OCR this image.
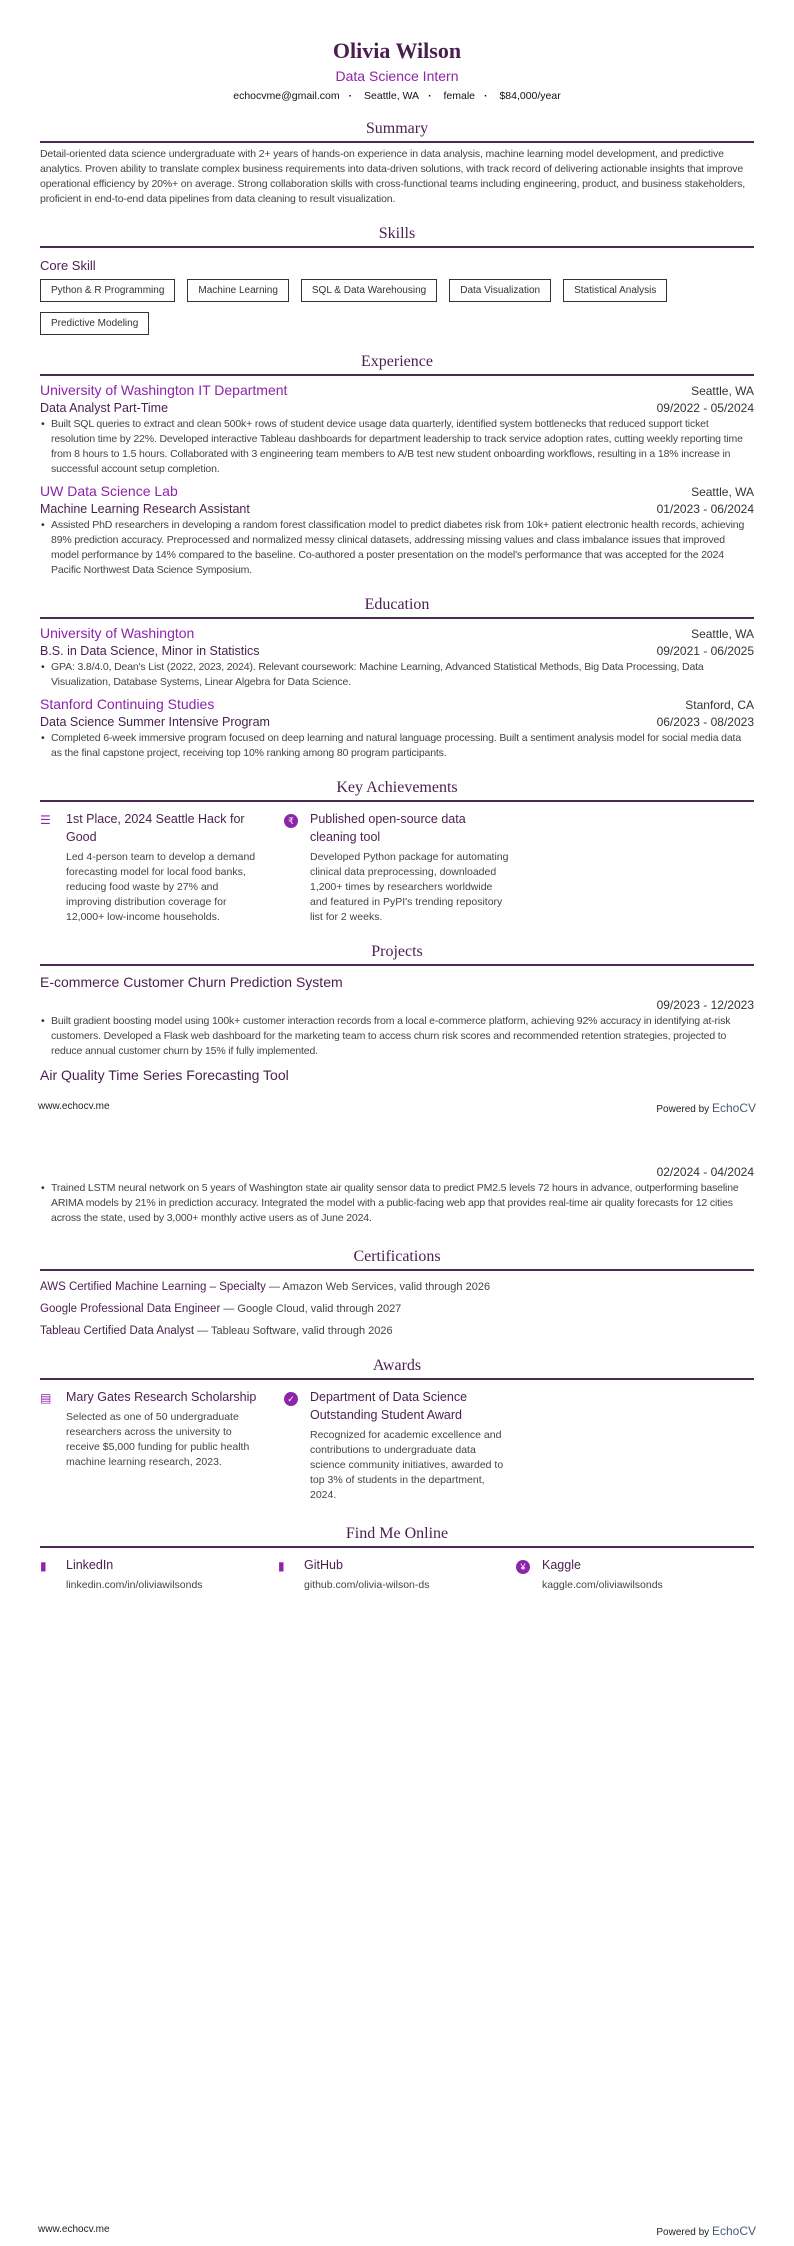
Olivia Wilson
Data Science Intern
echocvme@gmail.com · Seattle, WA · female · $84,000/year
Summary
Detail-oriented data science undergraduate with 2+ years of hands-on experience in data analysis, machine learning model development, and predictive analytics. Proven ability to translate complex business requirements into data-driven solutions, with track record of delivering actionable insights that improve operational efficiency by 20%+ on average. Strong collaboration skills with cross-functional teams including engineering, product, and business stakeholders, proficient in end-to-end data pipelines from data cleaning to result visualization.
Skills
Core Skill
Python & R Programming	Machine Learning	SQL & Data Warehousing	Data Visualization	Statistical Analysis
Predictive Modeling
Experience
University of Washington IT Department	Seattle, WA
Data Analyst Part-Time	09/2022 - 05/2024
• Built SQL queries to extract and clean 500k+ rows of student device usage data quarterly, identified system bottlenecks that reduced support ticket resolution time by 22%. Developed interactive Tableau dashboards for department leadership to track service adoption rates, cutting weekly reporting time from 8 hours to 1.5 hours. Collaborated with 3 engineering team members to A/B test new student onboarding workflows, resulting in a 18% increase in successful account setup completion.
UW Data Science Lab	Seattle, WA
Machine Learning Research Assistant	01/2023 - 06/2024
• Assisted PhD researchers in developing a random forest classification model to predict diabetes risk from 10k+ patient electronic health records, achieving 89% prediction accuracy. Preprocessed and normalized messy clinical datasets, addressing missing values and class imbalance issues that improved model performance by 14% compared to the baseline. Co-authored a poster presentation on the model's performance that was accepted for the 2024 Pacific Northwest Data Science Symposium.
Education
University of Washington	Seattle, WA
B.S. in Data Science, Minor in Statistics	09/2021 - 06/2025
• GPA: 3.8/4.0, Dean's List (2022, 2023, 2024). Relevant coursework: Machine Learning, Advanced Statistical Methods, Big Data Processing, Data Visualization, Database Systems, Linear Algebra for Data Science.
Stanford Continuing Studies	Stanford, CA
Data Science Summer Intensive Program	06/2023 - 08/2023
• Completed 6-week immersive program focused on deep learning and natural language processing. Built a sentiment analysis model for social media data as the final capstone project, receiving top 10% ranking among 80 program participants.
Key Achievements
☰	1st Place, 2024 Seattle Hack for Good
Led 4-person team to develop a demand forecasting model for local food banks, reducing food waste by 27% and improving distribution coverage for 12,000+ low-income households.
₹	Published open-source data cleaning tool
Developed Python package for automating clinical data preprocessing, downloaded 1,200+ times by researchers worldwide and featured in PyPI's trending repository list for 2 weeks.
Projects
E-commerce Customer Churn Prediction System
09/2023 - 12/2023
• Built gradient boosting model using 100k+ customer interaction records from a local e-commerce platform, achieving 92% accuracy in identifying at-risk customers. Developed a Flask web dashboard for the marketing team to access churn risk scores and recommended retention strategies, projected to reduce annual customer churn by 15% if fully implemented.
Air Quality Time Series Forecasting Tool
www.echocv.me	Powered by EchoCV
02/2024 - 04/2024
• Trained LSTM neural network on 5 years of Washington state air quality sensor data to predict PM2.5 levels 72 hours in advance, outperforming baseline ARIMA models by 21% in prediction accuracy. Integrated the model with a public-facing web app that provides real-time air quality forecasts for 12 cities across the state, used by 3,000+ monthly active users as of June 2024.
Certifications
AWS Certified Machine Learning – Specialty — Amazon Web Services, valid through 2026
Google Professional Data Engineer — Google Cloud, valid through 2027
Tableau Certified Data Analyst — Tableau Software, valid through 2026
Awards
▤	Mary Gates Research Scholarship
Selected as one of 50 undergraduate researchers across the university to receive $5,000 funding for public health machine learning research, 2023.
✓	Department of Data Science Outstanding Student Award
Recognized for academic excellence and contributions to undergraduate data science community initiatives, awarded to top 3% of students in the department, 2024.
Find Me Online
▮	LinkedIn
linkedin.com/in/oliviawilsonds
▮	GitHub
github.com/olivia-wilson-ds
¥	Kaggle
kaggle.com/oliviawilsonds
www.echocv.me	Powered by EchoCV
